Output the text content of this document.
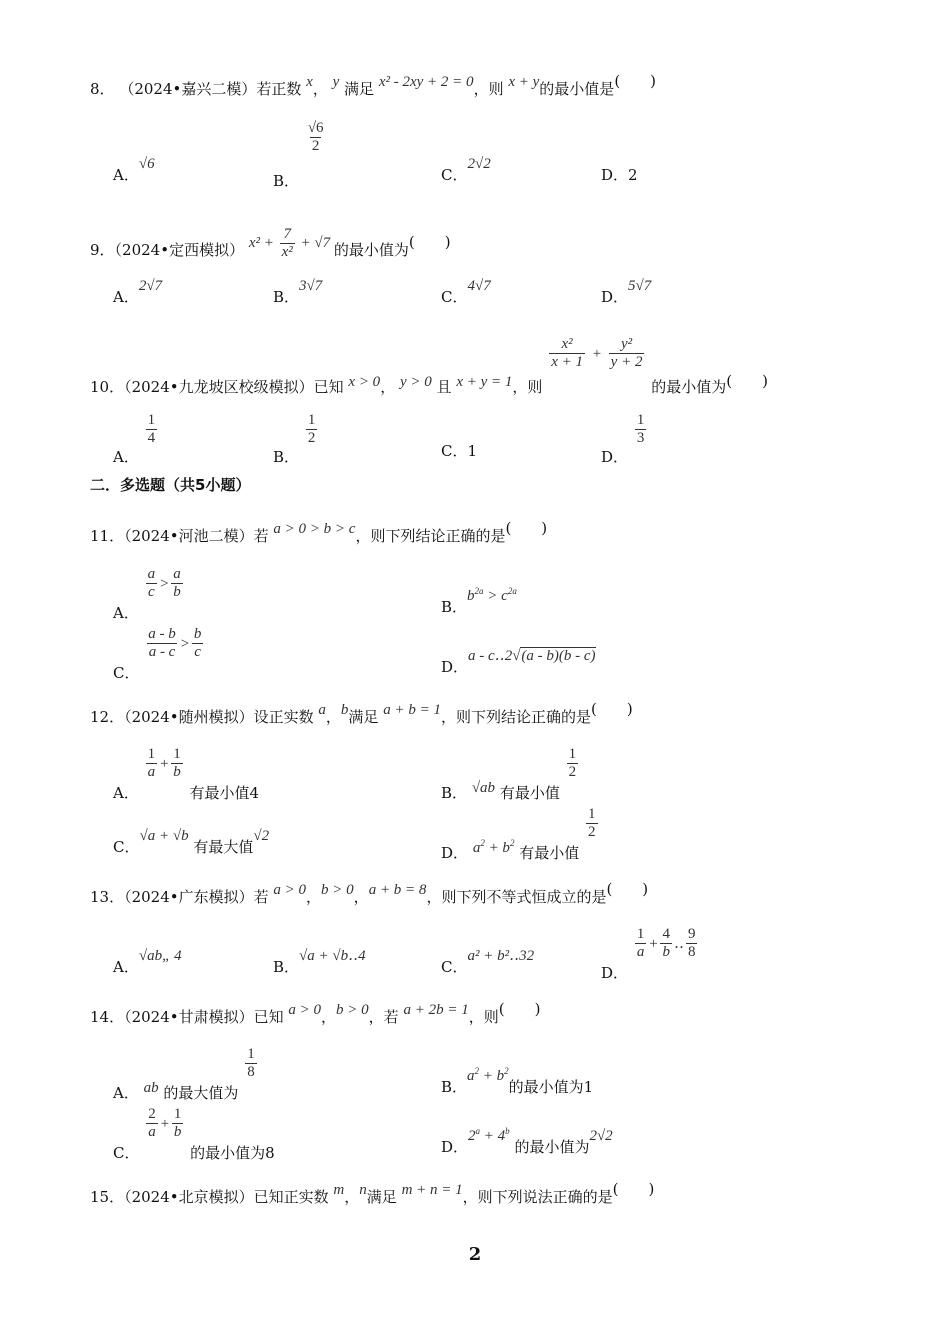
8． （2024•嘉兴二模）若正数 x， y 满足 x² - 2xy + 2 = 0，则 x + y的最小值是(　　)
A．√6
B．
$\frac{√6}{2}$
C．2√2
D．2
9．（2024•定西模拟） $x^2 + \frac{7}{\text{x²}} + √7$ 的最小值为(　　)
A．2√7
B．3√7
C．4√7
D．5√7
10．（2024•九龙坡区校级模拟）已知 x > 0， y > 0 且 x + y = 1，则
$\frac{\text{x²}}{x + 1} + \frac{\text{y²}}{y + 2}$
的最小值为(　　)
A．
$\frac{1}{4}$
B．
$\frac{1}{2}$
C．1	D．
$\frac{1}{3}$
二．多选题（共5小题）
11．（2024•河池二模）若 a > 0 > b > c，则下列结论正确的是(　　)
A．
$\frac{a}{c} > \frac{a}{b}$
B．$b^{2a} > c^{2a}$
C．
$\frac{a - b}{a - c} > \frac{b}{c}$
D．a - c‥2√(a - b)(b - c)
12．（2024•随州模拟）设正实数 a，b满足 a + b = 1，则下列结论正确的是(　　)
A．
$\frac{1}{a} + \frac{1}{b}$
有最小值4	B． √ab 有最小值
$\frac{1}{2}$
C．√a + √b 有最大值√2
D． $a^2 + b^2$ 有最小值
$\frac{1}{2}$
13．（2024•广东模拟）若 a > 0，b > 0，a + b = 8，则下列不等式恒成立的是(　　)
A．√ab„ 4
B．√a + √b‥4
C．a² + b²‥32
D．
$\frac{1}{a} + \frac{4}{b}$ ‥ $\frac{9}{8}$
14．（2024•甘肃模拟）已知 a > 0，b > 0，若 a + 2b = 1，则(　　)
A． ab 的最大值为
$\frac{1}{8}$
B．$a^2 + b^2$的最小值为1
C．
$\frac{2}{a} + \frac{1}{b}$
的最小值为8	D．$2^a + 4^b$ 的最小值为2√2
15．（2024•北京模拟）已知正实数 m，n满足 m + n = 1，则下列说法正确的是(　　)
2
